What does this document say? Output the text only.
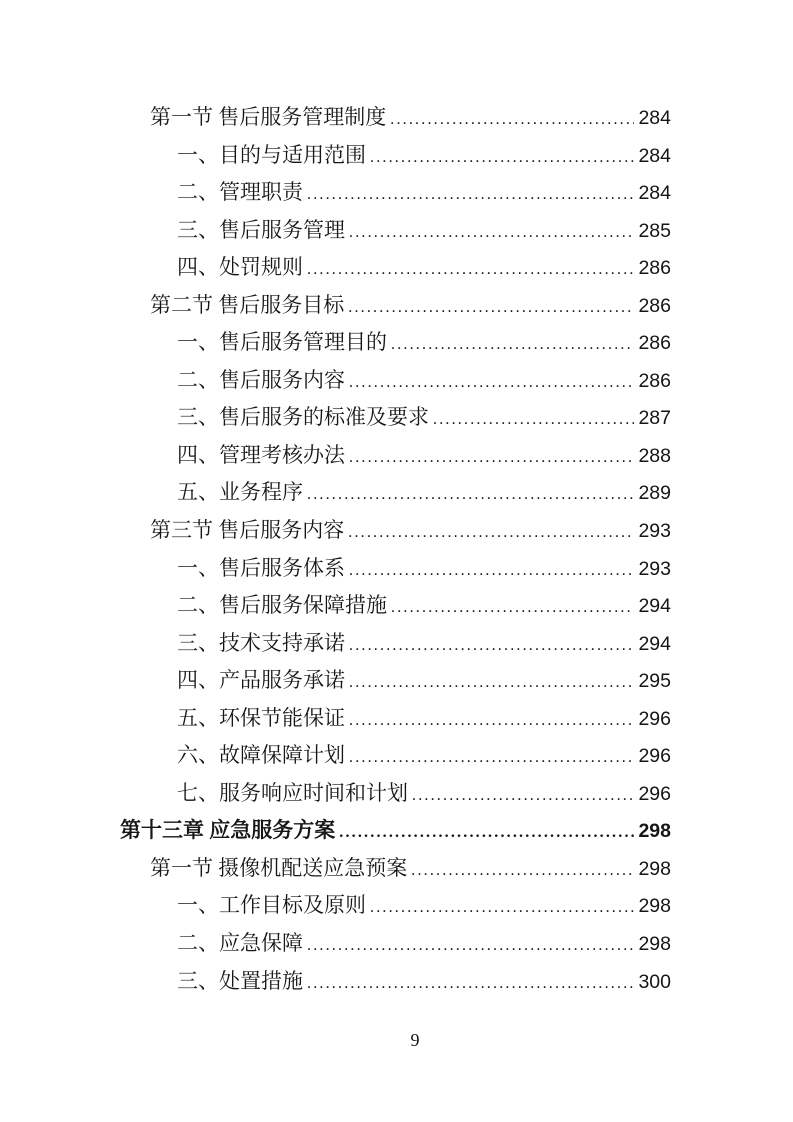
第一节 售后服务管理制度 .....	284
一、目的与适用范围 .....	284
二、管理职责 .....	284
三、售后服务管理 .....	285
四、处罚规则 .....	286
第二节 售后服务目标 .....	286
一、售后服务管理目的 .....	286
二、售后服务内容 .....	286
三、售后服务的标准及要求 .....	287
四、管理考核办法 .....	288
五、业务程序 .....	289
第三节 售后服务内容 .....	293
一、售后服务体系 .....	293
二、售后服务保障措施 .....	294
三、技术支持承诺 .....	294
四、产品服务承诺 .....	295
五、环保节能保证 .....	296
六、故障保障计划 .....	296
七、服务响应时间和计划 .....	296
第十三章 应急服务方案 .....	298
第一节 摄像机配送应急预案 .....	298
一、工作目标及原则 .....	298
二、应急保障 .....	298
三、处置措施 .....	300
9
